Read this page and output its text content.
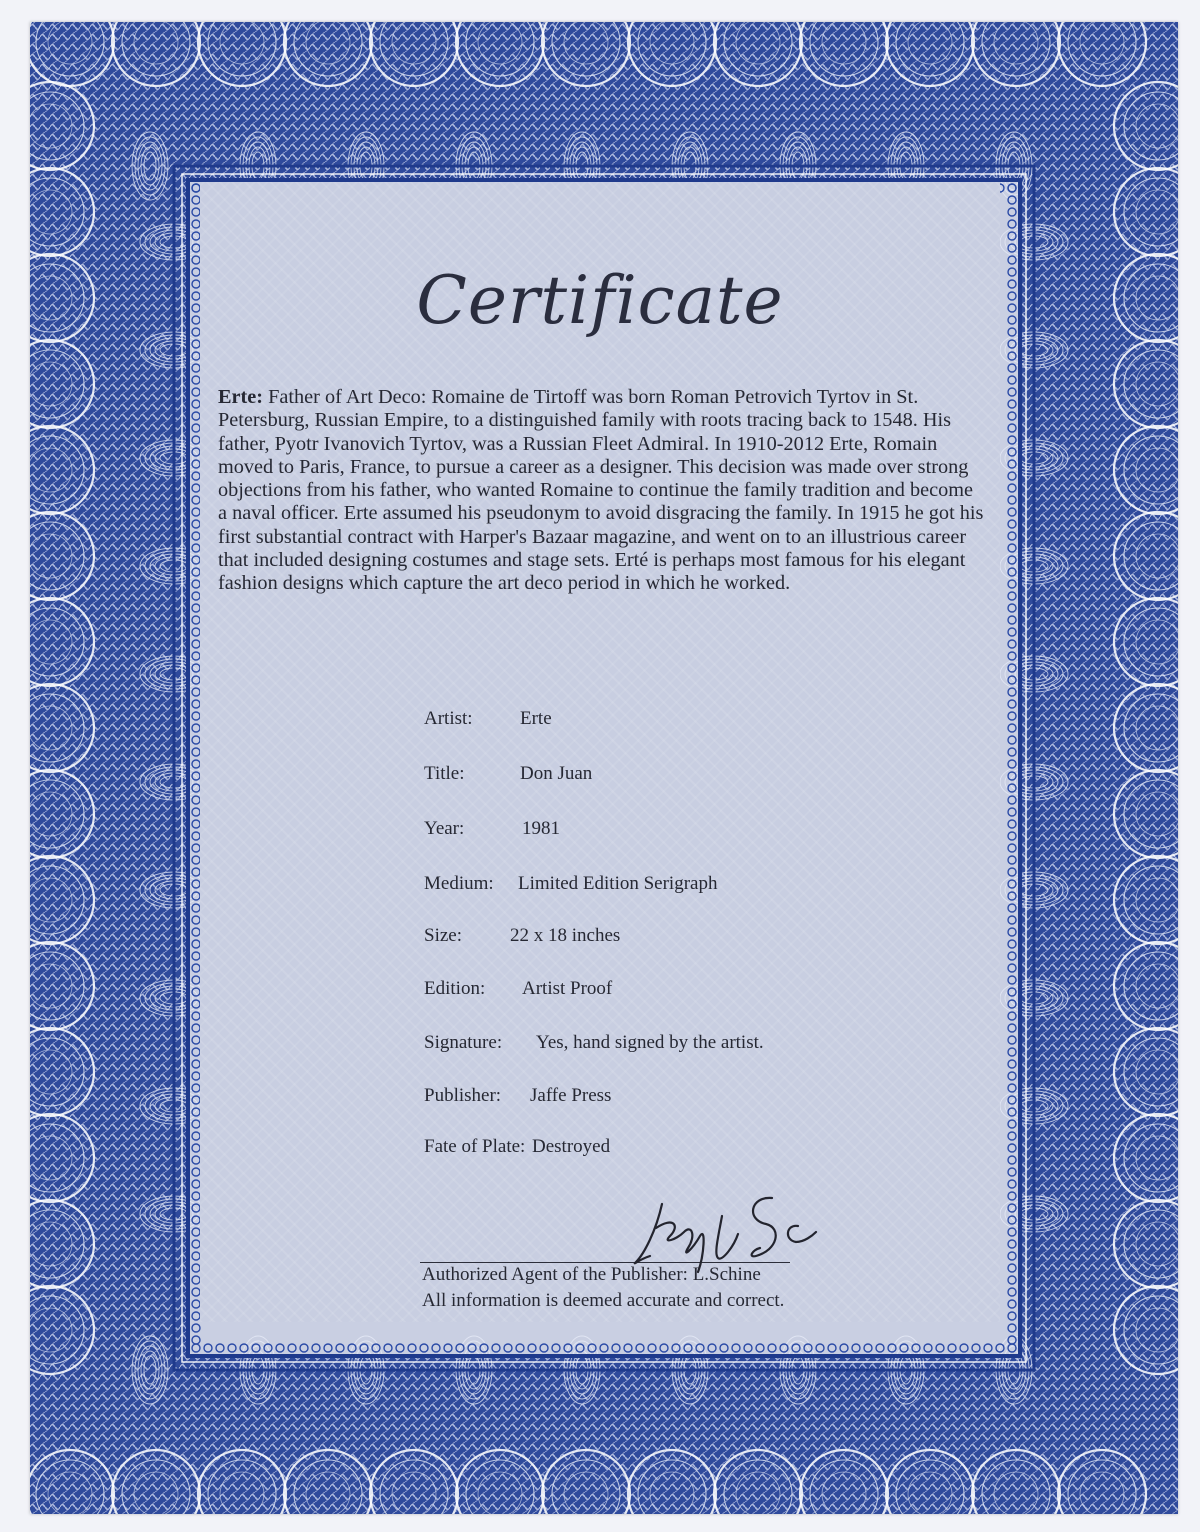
Certificate
Erte: Father of Art Deco: Romaine de Tirtoff was born Roman Petrovich Tyrtov in St. Petersburg, Russian Empire, to a distinguished family with roots tracing back to 1548. His father, Pyotr Ivanovich Tyrtov, was a Russian Fleet Admiral. In 1910-2012 Erte, Romain moved to Paris, France, to pursue a career as a designer. This decision was made over strong objections from his father, who wanted Romaine to continue the family tradition and become a naval officer. Erte assumed his pseudonym to avoid disgracing the family. In 1915 he got his first substantial contract with Harper's Bazaar magazine, and went on to an illustrious career that included designing costumes and stage sets. Erté is perhaps most famous for his elegant fashion designs which capture the art deco period in which he worked.
Artist: Erte
Title:	Don Juan
Year:	1981
Medium: Limited Edition Serigraph
Size:	22 x 18 inches
Edition: Artist Proof
Signature: Yes, hand signed by the artist.
Publisher: Jaffe Press
Fate of Plate: Destroyed
Authorized Agent of the Publisher: L.Schine
All information is deemed accurate and correct.
